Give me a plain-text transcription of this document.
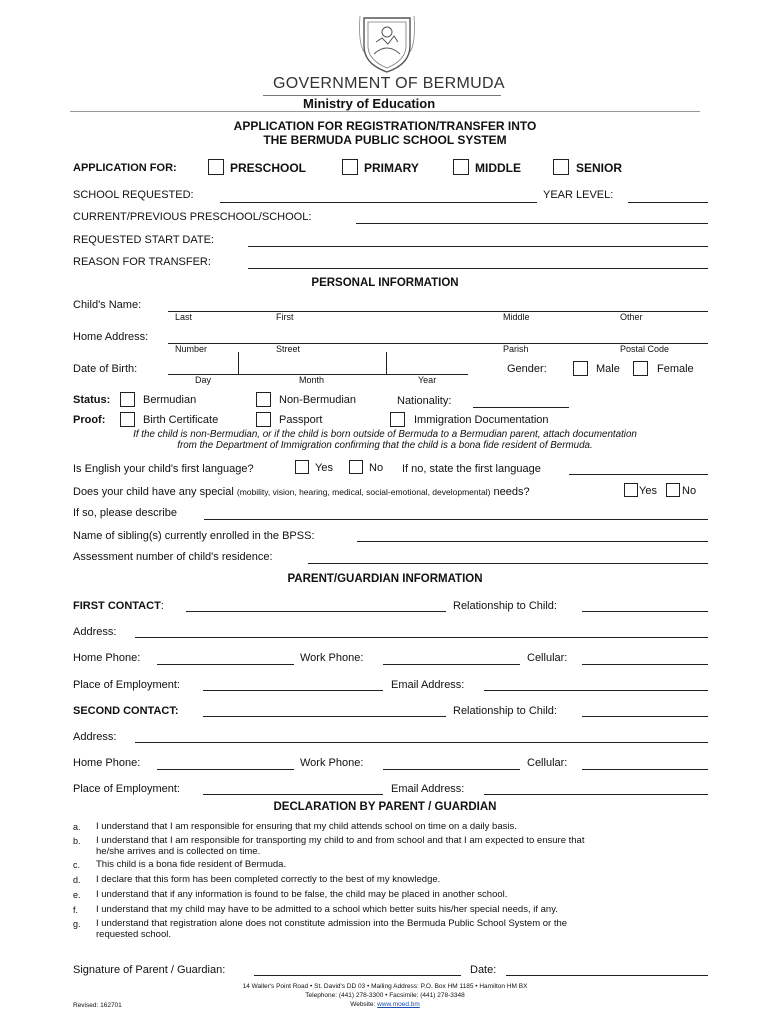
GOVERNMENT OF BERMUDA
Ministry of Education
APPLICATION FOR REGISTRATION/TRANSFER INTO
THE BERMUDA PUBLIC SCHOOL SYSTEM
APPLICATION FOR:	PRESCHOOL	PRIMARY	MIDDLE	SENIOR
SCHOOL REQUESTED:	YEAR LEVEL:
CURRENT/PREVIOUS PRESCHOOL/SCHOOL:
REQUESTED START DATE:
REASON FOR TRANSFER:
PERSONAL INFORMATION
Child's Name:
Last	First	Middle	Other
Home Address:
Number	Street	Parish	Postal Code
Date of Birth:
Day	Month	Year
Gender:	Male	Female
Status:	Bermudian	Non-Bermudian	Nationality:
Proof:	Birth Certificate	Passport	Immigration Documentation
If the child is non-Bermudian, or if the child is born outside of Bermuda to a Bermudian parent, attach documentation
from the Department of Immigration confirming that the child is a bona fide resident of Bermuda.
Is English your child's first language?	Yes	No If no, state the first language
Does your child have any special (mobility, vision, hearing, medical, social-emotional, developmental) needs?	Yes No
If so, please describe
Name of sibling(s) currently enrolled in the BPSS:
Assessment number of child's residence:
PARENT/GUARDIAN INFORMATION
FIRST CONTACT:	Relationship to Child:
Address:
Home Phone:	Work Phone:	Cellular:
Place of Employment:	Email Address:
SECOND CONTACT:	Relationship to Child:
Address:
Home Phone:	Work Phone:	Cellular:
Place of Employment:	Email Address:
DECLARATION BY PARENT / GUARDIAN
a. I understand that I am responsible for ensuring that my child attends school on time on a daily basis.
b. I understand that I am responsible for transporting my child to and from school and that I am expected to ensure that
he/she arrives and is collected on time.
c. This child is a bona fide resident of Bermuda.
d. I declare that this form has been completed correctly to the best of my knowledge.
e. I understand that if any information is found to be false, the child may be placed in another school.
f. I understand that my child may have to be admitted to a school which better suits his/her special needs, if any.
g. I understand that registration alone does not constitute admission into the Bermuda Public School System or the
requested school.
Signature of Parent / Guardian:	Date:
14 Waller's Point Road • St. David's DD 03 • Mailing Address: P.O. Box HM 1185 • Hamilton HM BX
Telephone: (441) 278-3300 • Facsimile: (441) 278-3348
Website: www.moed.bm
Revised: 162701
